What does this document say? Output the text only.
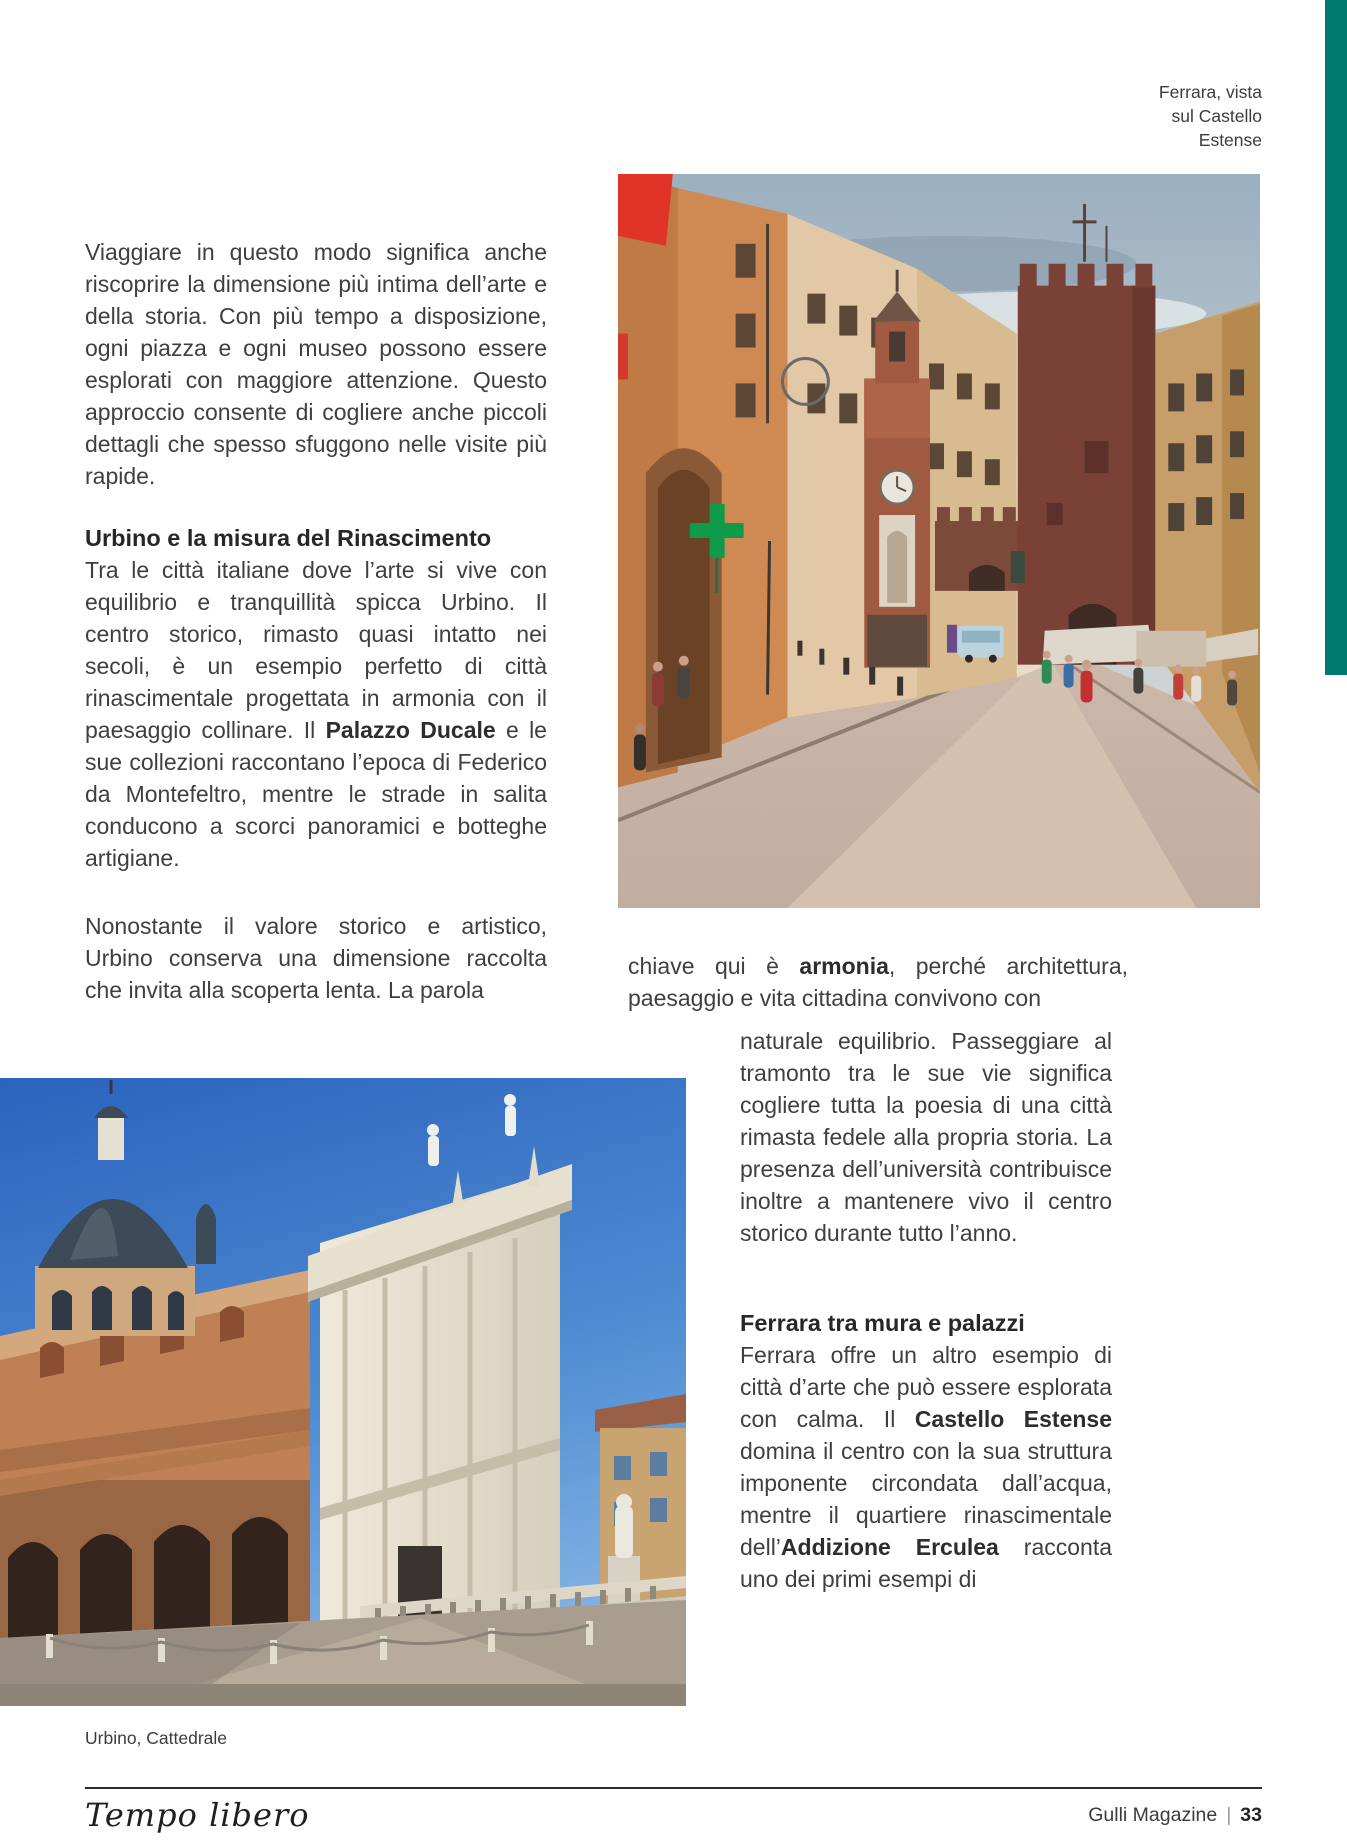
Ferrara, vista sul Castello Estense

Viaggiare in questo modo significa anche riscoprire la dimensione più intima dell’arte e della storia. Con più tempo a disposizione, ogni piazza e ogni museo possono essere esplorati con maggiore attenzione. Questo approccio consente di cogliere anche piccoli dettagli che spesso sfuggono nelle visite più rapide.

Urbino e la misura del Rinascimento

Tra le città italiane dove l’arte si vive con equilibrio e tranquillità spicca Urbino. Il centro storico, rimasto quasi intatto nei secoli, è un esempio perfetto di città rinascimentale progettata in armonia con il paesaggio collinare. Il Palazzo Ducale e le sue collezioni raccontano l’epoca di Federico da Montefeltro, mentre le strade in salita conducono a scorci panoramici e botteghe artigiane.

Nonostante il valore storico e artistico, Urbino conserva una dimensione raccolta che invita alla scoperta lenta. La parola

chiave qui è armonia, perché architettura, paesaggio e vita cittadina convivono con

naturale equilibrio. Passeggiare al tramonto tra le sue vie significa cogliere tutta la poesia di una città rimasta fedele alla propria storia. La presenza dell’università contribuisce inoltre a mantenere vivo il centro storico durante tutto l’anno.

Ferrara tra mura e palazzi

Ferrara offre un altro esempio di città d’arte che può essere esplorata con calma. Il Castello Estense domina il centro con la sua struttura imponente circondata dall’acqua, mentre il quartiere rinascimentale dell’Addizione Erculea racconta uno dei primi esempi di

Urbino, Cattedrale
Tempo libero	Gulli Magazine | 33
